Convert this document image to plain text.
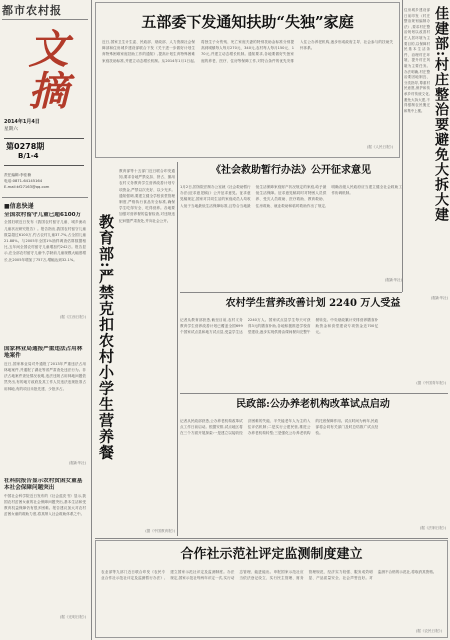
都市农村报
文摘
2014年1月4日
星期六
第0278期
B/1-4
责任编辑:李佳楠
电话:0871-64145164
E-mail:kf27163@qq.com
■信息快递
全国农村留守儿童已超6100万
全国妇联近日发布《我国农村留守儿童、城乡流动儿童状况研究报告》。报告指出,我国农村留守儿童数量超过6100万,约占农村儿童37.7%,占全国儿童21.88%。与2005年全国1%抽样调查估算数据相比,五年间全国农村留守儿童增加约242万。报告显示,在全部农村留守儿童中,学龄前儿童规模大幅度增长,比2005年增加了757万,增幅达到32.1%。
(据《江西日报》)
国家林业局通报严重违法占用林地案件
近日,国家林业局对外通报了2013年严重违法占用林地案件,并通报了湖北等省严肃查处违法行为。非法占地案件查处情况表明,违法违规占用林地问题依然突出,有的地方政府及其工作人员违法违规批准占用林地,有的项目未批先建、少批多占。
(据新华社)
社科院报告显示农村贫困女童基本社会保障问题突出
中国社会科学院近日发布的《社会蓝皮书》显示,我国农村贫困女童的社会保障问题突出,基本生活和受教育权益保障仍有很多困难。报告建议加大对农村贫困女童的救助力度,将其纳入社会救助体系之中。
(据《光明日报》)
五部委下发通知扶助“失独”家庭
近日,国家卫生计生委、民政部、财政部、人力资源社会保障部和住房城乡建设部联合下发《关于进一步做好计划生育特殊困难家庭扶助工作的通知》,提高计划生育特殊困难家庭扶助标准,并建立动态增长机制。从2014年1月1日起,将独生子女伤残、死亡家庭夫妻的特别扶助金标准分别提高到城镇每人每月270元、340元,农村每人每月150元、170元,并建立动态增长机制。通知要求,各地要做好失独家庭的养老、医疗、住房等保障工作,对符合条件的优先安排入住公办养老机构,逐步形成政府主导、社会参与的扶助关怀体系。
(据《人民日报》)	佳建部:村庄整治要避免大拆大建
住房城乡建设部日前印发《村庄整治规划编制办法》,要求村庄整治规划以改善村庄人居环境为主要目的,以保障村民基本生活条件、治理村庄环境、提升村庄风貌为主要任务。办法明确,村庄整治要因地制宜、分类指导,尊重村民意愿,保护和传承乡村传统文化,避免大拆大建,不得强制农民搬迁和集中上楼。
(据新华社)
教育部:严禁克扣农村小学生营养餐
教育部等十五部门近日联合印发通知,要求各地严禁克扣、挤占、挪用农村义务教育学生营养改善计划专项资金,严禁以次充好、以少充多。通知强调,要建立健全学校食堂管理制度,严格执行食品安全标准,确保学生吃得安全、吃得营养。各地要加强对营养餐的监督检查,对违规违纪问题严肃查处,并向社会公开。
(据《中国教育报》)
《社会救助暂行办法》公开征求意见
1月2日,国务院法制办公室就《社会救助暂行办法(征求意见稿)》公开征求意见。征求意见稿规定,国家对共同生活的家庭成员人均收入低于当地最低生活保障标准,且符合当地最低生活保障家庭财产状况规定的家庭,给予最低生活保障。征求意见稿同时对特困人员供养、受灾人员救助、医疗救助、教育救助、住房救助、就业救助和临时救助作出了规定,明确各级人民政府应当建立健全社会救助工作协调机制。
(据新华社)
农村学生营养改善计划 2240 万人受益
记者从教育部获悉,截至目前,农村义务教育学生营养改善计划已覆盖全国699个国家试点县和地方试点县,受益学生达2240万人。国家试点县学生每天可获得3元的膳食补助,各地积极推进学校食堂建设,逐步实现供餐由课间餐向完整午餐转变。中央财政累计安排营养膳食补助资金和食堂建设专项资金近700亿元。
(据《中国青年报》)
民政部:公办养老机构改革试点启动
记者从民政部获悉,公办养老机构改革试点工作日前启动。根据安排,试点地区将在三个方面开展探索:一是建立以接收经济困难的失能、半失能老年人为主的入住评估机制;二是实行公建民营,推进公办养老机构转型;三是强化公办养老机构的托底保障作用。试点时间为两年,民政部将会同有关部门及时总结推广试点经验。
(据《法制日报》)
合作社示范社评定监测制度建立
农业部等九部门近日联合印发《农民专业合作社示范社评定及监测暂行办法》,建立国家示范社评定及监测制度。办法规定,国家示范社每两年评定一次,实行动态管理、能进能出。申报国家示范社应当依法登记设立、实行民主管理、财务管理规范、经济实力较强、服务成效明显、产品质量安全、社会声誉良好。对监测不合格的示范社,将取消其资格。
(据《农民日报》)
